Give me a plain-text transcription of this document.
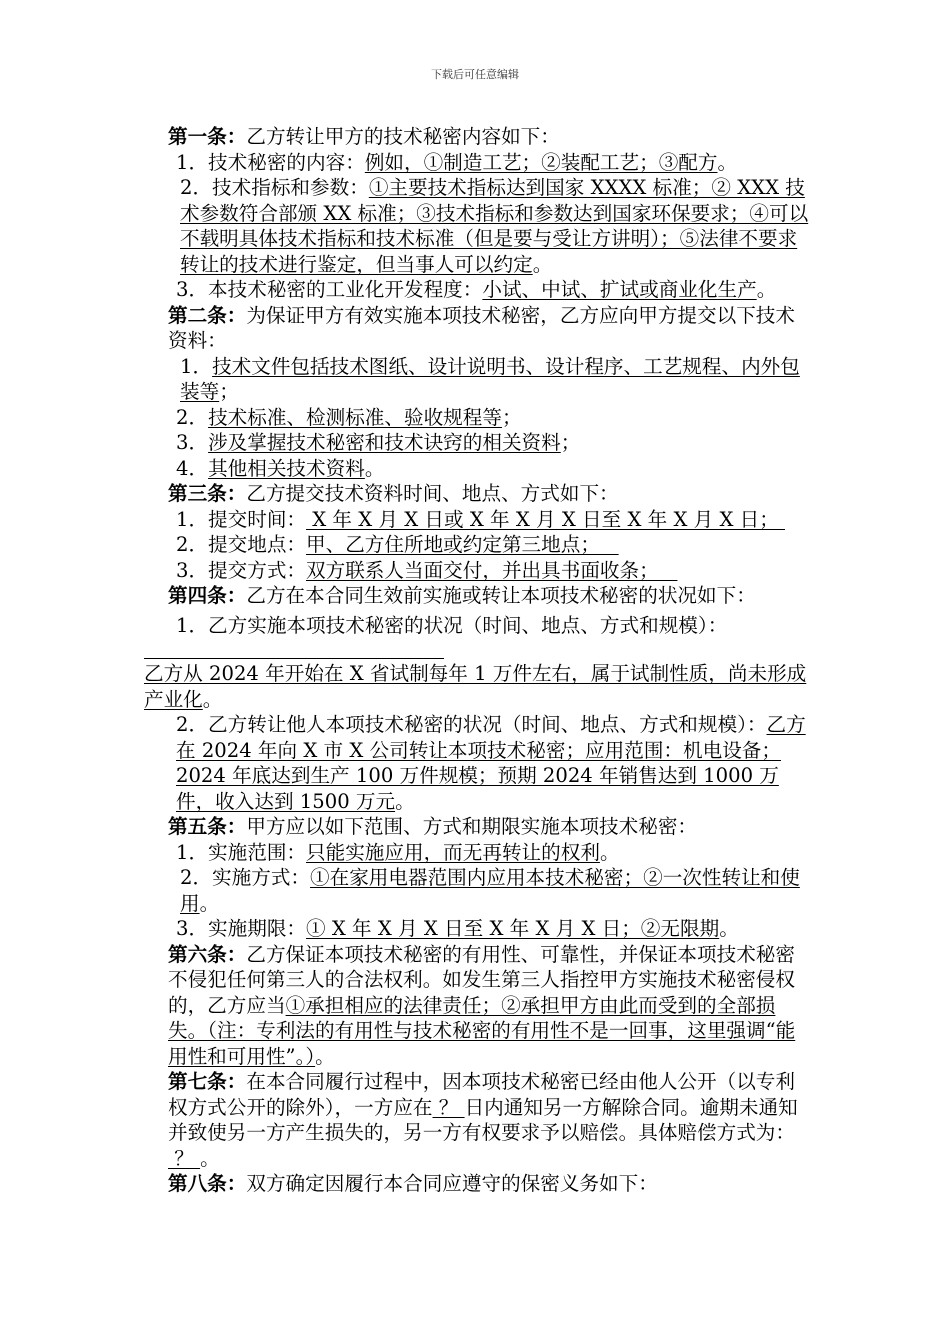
下载后可任意编辑

第一条：乙方转让甲方的技术秘密内容如下：

1．技术秘密的内容：例如，①制造工艺；②装配工艺；③配方。

2．技术指标和参数：①主要技术指标达到国家 XXXX 标准；② XXX 技术参数符合部颁 XX 标准；③技术指标和参数达到国家环保要求；④可以不载明具体技术指标和技术标准（但是要与受让方讲明）；⑤法律不要求转让的技术进行鉴定，但当事人可以约定。

3．本技术秘密的工业化开发程度：小试、中试、扩试或商业化生产。

第二条：为保证甲方有效实施本项技术秘密，乙方应向甲方提交以下技术资料：

1．技术文件包括技术图纸、设计说明书、设计程序、工艺规程、内外包装等；

2．技术标准、检测标准、验收规程等；

3．涉及掌握技术秘密和技术诀窍的相关资料；

4．其他相关技术资料。

第三条：乙方提交技术资料时间、地点、方式如下：

1．提交时间： X 年 X 月 X 日或 X 年 X 月 X 日至 X 年 X 月 X 日；

2．提交地点：甲、乙方住所地或约定第三地点；

3．提交方式：双方联系人当面交付，并出具书面收条；

第四条：乙方在本合同生效前实施或转让本项技术秘密的状况如下：

1．乙方实施本项技术秘密的状况（时间、地点、方式和规模）：

乙方从 2024 年开始在 X 省试制每年 1 万件左右，属于试制性质，尚未形成产业化。

2．乙方转让他人本项技术秘密的状况（时间、地点、方式和规模）：乙方在 2024 年向 X 市 X 公司转让本项技术秘密；应用范围：机电设备；2024 年底达到生产 100 万件规模；预期 2024 年销售达到 1000 万件，收入达到 1500 万元。

第五条：甲方应以如下范围、方式和期限实施本项技术秘密：

1．实施范围：只能实施应用，而无再转让的权利。

2．实施方式：①在家用电器范围内应用本技术秘密；②一次性转让和使用。

3．实施期限：① X 年 X 月 X 日至 X 年 X 月 X 日；②无限期。

第六条：乙方保证本项技术秘密的有用性、可靠性，并保证本项技术秘密不侵犯任何第三人的合法权利。如发生第三人指控甲方实施技术秘密侵权的，乙方应当①承担相应的法律责任；②承担甲方由此而受到的全部损失。（注：专利法的有用性与技术秘密的有用性不是一回事，这里强调“能用性和可用性”。）。

第七条：在本合同履行过程中，因本项技术秘密已经由他人公开（以专利权方式公开的除外），一方应在 ？ 日内通知另一方解除合同。逾期未通知并致使另一方产生损失的，另一方有权要求予以赔偿。具体赔偿方式为： ？ 。

第八条：双方确定因履行本合同应遵守的保密义务如下：
